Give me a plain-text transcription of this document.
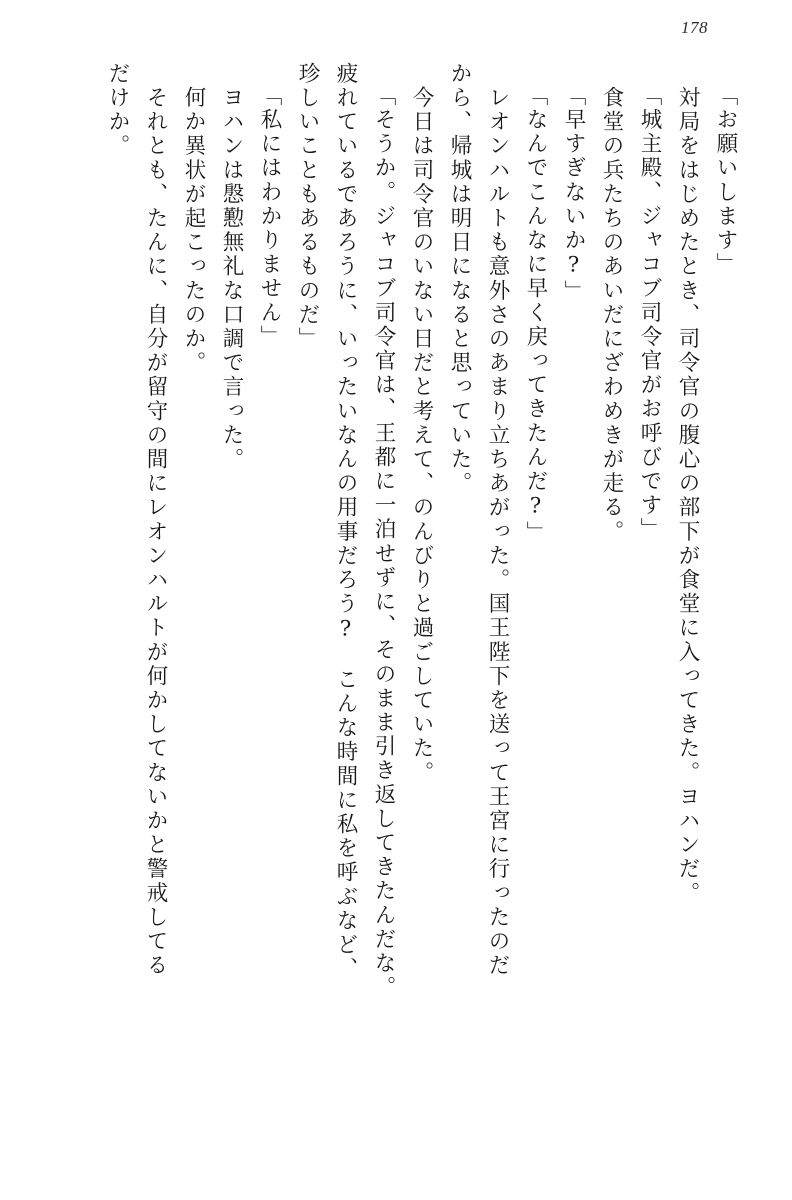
178
「お願いします」
　対局をはじめたとき、司令官の腹心の部下が食堂に入ってきた。ヨハンだ。
「城主殿、ジャコブ司令官がお呼びです」
　食堂の兵たちのあいだにざわめきが走る。
「早すぎないか?」
「なんでこんなに早く戻ってきたんだ?」
　レオンハルトも意外さのあまり立ちあがった。国王陛下を送って王宮に行ったのだ
から、帰城は明日になると思っていた。
　今日は司令官のいない日だと考えて、のんびりと過ごしていた。
「そうか。ジャコブ司令官は、王都に一泊せずに、そのまま引き返してきたんだな。
疲れているであろうに、いったいなんの用事だろう?　こんな時間に私を呼ぶなど、
珍しいこともあるものだ」
「私にはわかりません」
　ヨハンは慇懃無礼な口調で言った。
　何か異状が起こったのか。
　それとも、たんに、自分が留守の間にレオンハルトが何かしてないかと警戒してる
だけか。
